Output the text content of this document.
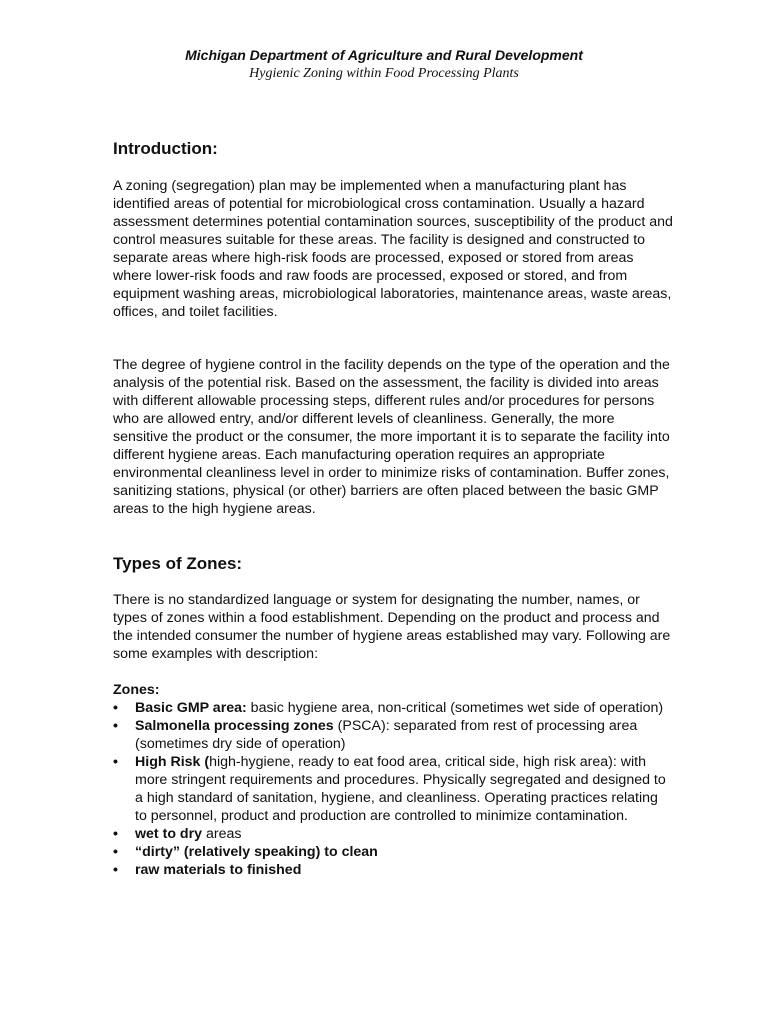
Michigan Department of Agriculture and Rural Development
Hygienic Zoning within Food Processing Plants
Introduction:

A zoning (segregation) plan may be implemented when a manufacturing plant has identified areas of potential for microbiological cross contamination. Usually a hazard assessment determines potential contamination sources, susceptibility of the product and control measures suitable for these areas. The facility is designed and constructed to separate areas where high-risk foods are processed, exposed or stored from areas where lower-risk foods and raw foods are processed, exposed or stored, and from equipment washing areas, microbiological laboratories, maintenance areas, waste areas, offices, and toilet facilities.

The degree of hygiene control in the facility depends on the type of the operation and the analysis of the potential risk. Based on the assessment, the facility is divided into areas with different allowable processing steps, different rules and/or procedures for persons who are allowed entry, and/or different levels of cleanliness. Generally, the more sensitive the product or the consumer, the more important it is to separate the facility into different hygiene areas. Each manufacturing operation requires an appropriate environmental cleanliness level in order to minimize risks of contamination. Buffer zones, sanitizing stations, physical (or other) barriers are often placed between the basic GMP areas to the high hygiene areas.

Types of Zones:

There is no standardized language or system for designating the number, names, or types of zones within a food establishment. Depending on the product and process and the intended consumer the number of hygiene areas established may vary. Following are some examples with description:

Zones:
•	Basic GMP area: basic hygiene area, non-critical (sometimes wet side of operation)
•	Salmonella processing zones (PSCA): separated from rest of processing area (sometimes dry side of operation)
•	High Risk (high-hygiene, ready to eat food area, critical side, high risk area): with more stringent requirements and procedures. Physically segregated and designed to a high standard of sanitation, hygiene, and cleanliness. Operating practices relating to personnel, product and production are controlled to minimize contamination.
•	wet to dry areas
•	“dirty” (relatively speaking) to clean
•	raw materials to finished
